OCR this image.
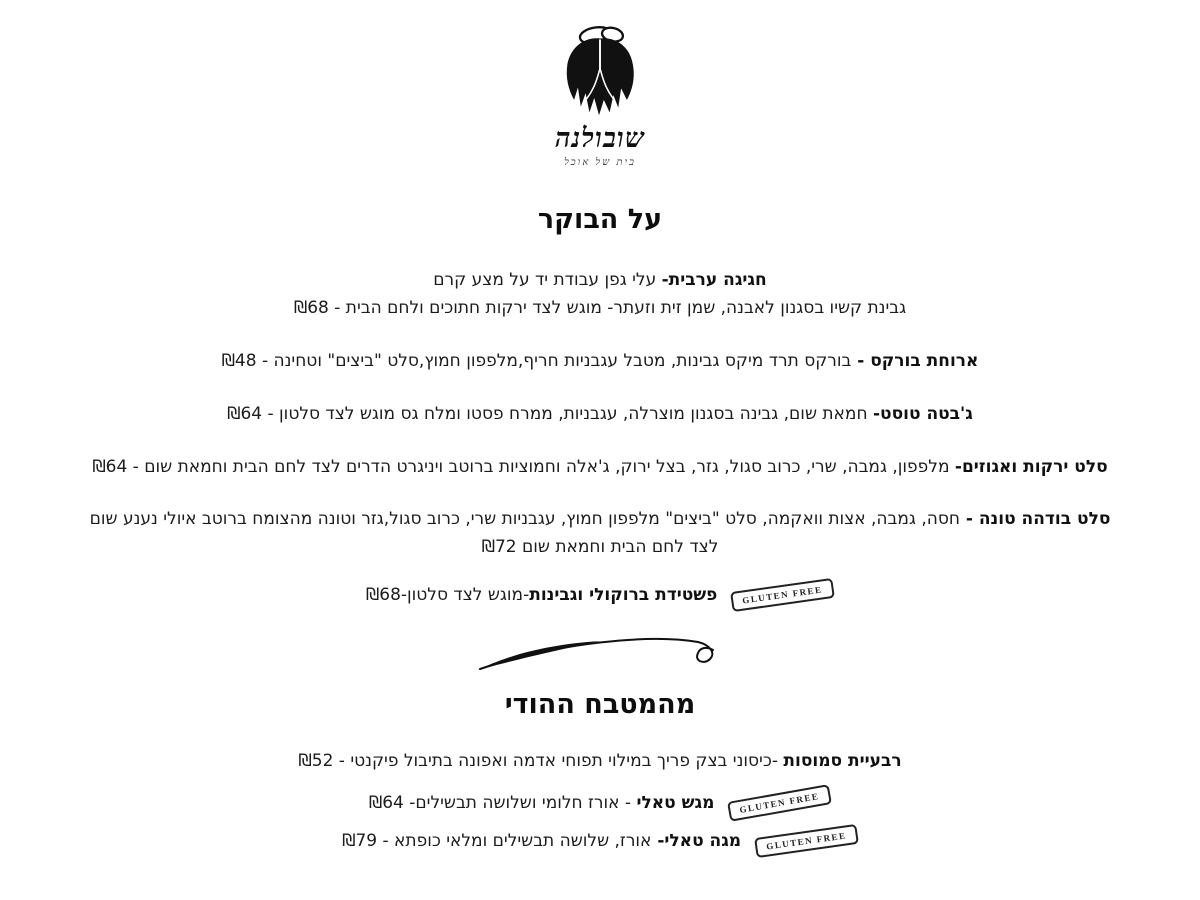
שובולנה
בית של אוכל
על הבוקר

חגיגה ערבית- עלי גפן עבודת יד על מצע קרם

גבינת קשיו בסגנון לאבנה, שמן זית וזעתר- מוגש לצד ירקות חתוכים ולחם הבית - ₪68

ארוחת בורקס - בורקס תרד מיקס גבינות, מטבל עגבניות חריף,מלפפון חמוץ,סלט "ביצים" וטחינה - ₪48

ג'בטה טוסט- חמאת שום, גבינה בסגנון מוצרלה, עגבניות, ממרח פסטו ומלח גס מוגש לצד סלטון - ₪64

סלט ירקות ואגוזים- מלפפון, גמבה, שרי, כרוב סגול, גזר, בצל ירוק, ג'אלה וחמוציות ברוטב ויניגרט הדרים לצד לחם הבית וחמאת שום - ₪64

סלט בודהה טונה - חסה, גמבה, אצות וואקמה, סלט "ביצים" מלפפון חמוץ, עגבניות שרי, כרוב סגול,גזר וטונה מהצומח ברוטב איולי נענע שום

לצד לחם הבית וחמאת שום ₪72

GLUTEN FREE

פשטידת ברוקולי וגבינות-מוגש לצד סלטון-₪68

מהמטבח ההודי

רבעיית סמוסות -כיסוני בצק פריך במילוי תפוחי אדמה ואפונה בתיבול פיקנטי - ₪52

GLUTEN FREE

מגש טאלי - אורז חלומי ושלושה תבשילים- ₪64

GLUTEN FREE

מגה טאלי- אורז, שלושה תבשילים ומלאי כופתא - ₪79
